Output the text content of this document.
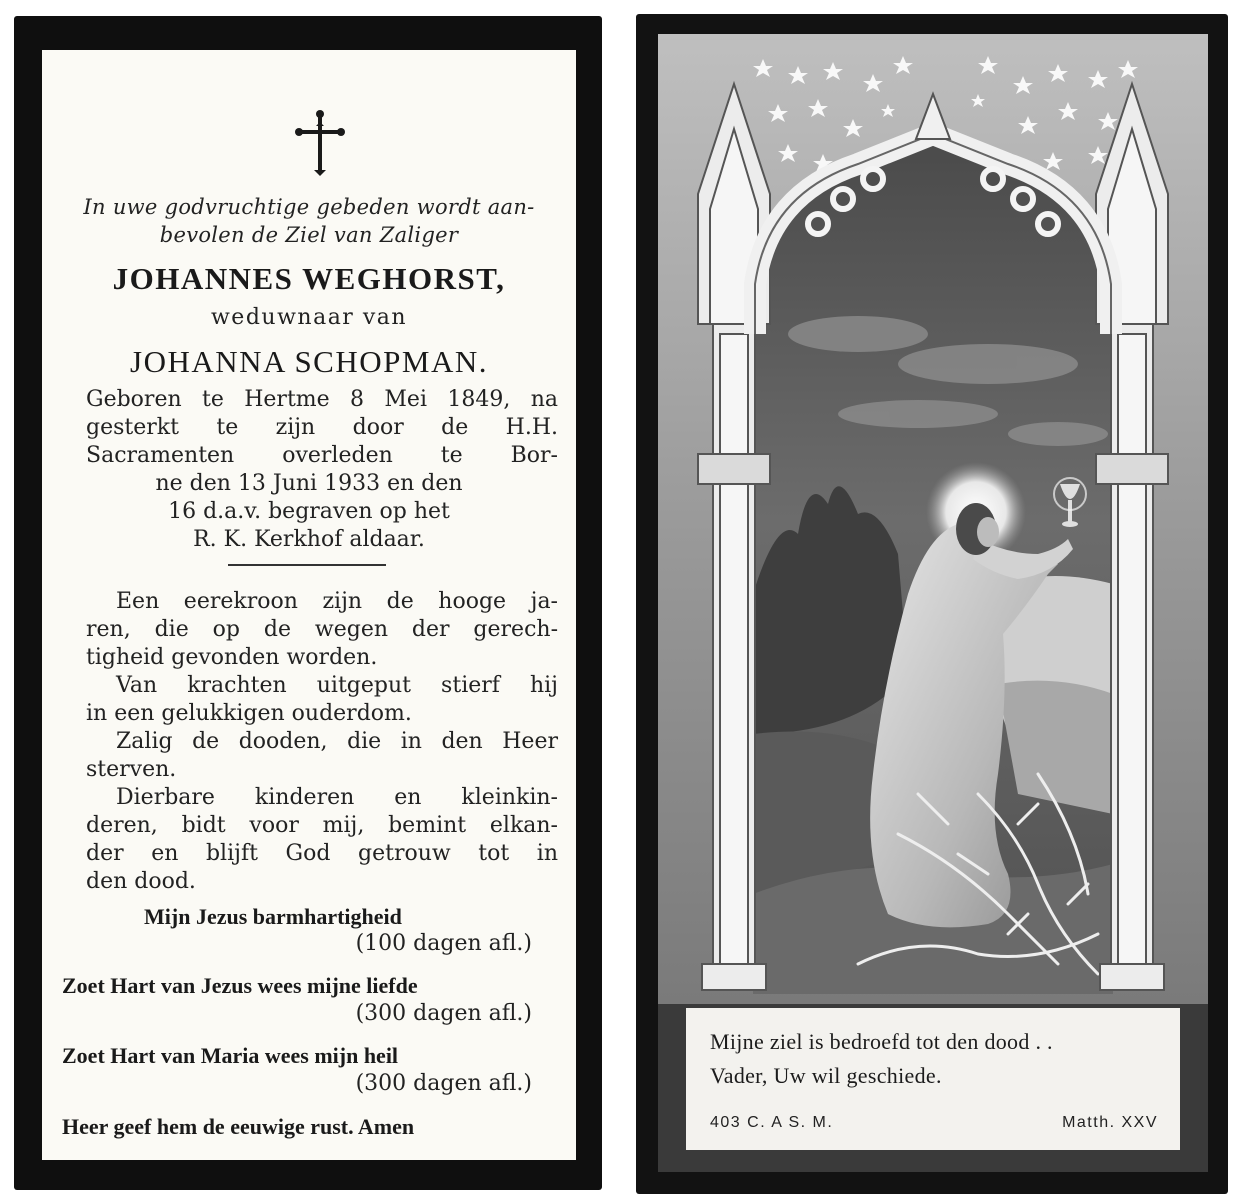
In uwe godvruchtige gebeden wordt aan-
bevolen de Ziel van Zaliger
JOHANNES WEGHORST,
weduwnaar van
JOHANNA SCHOPMAN.
Geboren te Hertme 8 Mei 1849, na
gesterkt te zijn door de H.H.
Sacramenten overleden te Bor-
ne den 13 Juni 1933 en den
16 d.a.v. begraven op het
R. K. Kerkhof aldaar.
Een eerekroon zijn de hooge ja-
ren, die op de wegen der gerech-
tigheid gevonden worden.
Van krachten uitgeput stierf hij
in een gelukkigen ouderdom.
Zalig de dooden, die in den Heer
sterven.
Dierbare kinderen en kleinkin-
deren, bidt voor mij, bemint elkan-
der en blijft God getrouw tot in
den dood.
Mijn Jezus barmhartigheid
(100 dagen afl.)
Zoet Hart van Jezus wees mijne liefde
(300 dagen afl.)
Zoet Hart van Maria wees mijn heil
(300 dagen afl.)
Heer geef hem de eeuwige rust. Amen
Mijne ziel is bedroefd tot den dood . .
Vader, Uw wil geschiede.
403 C. A S. M.	Matth. XXV
